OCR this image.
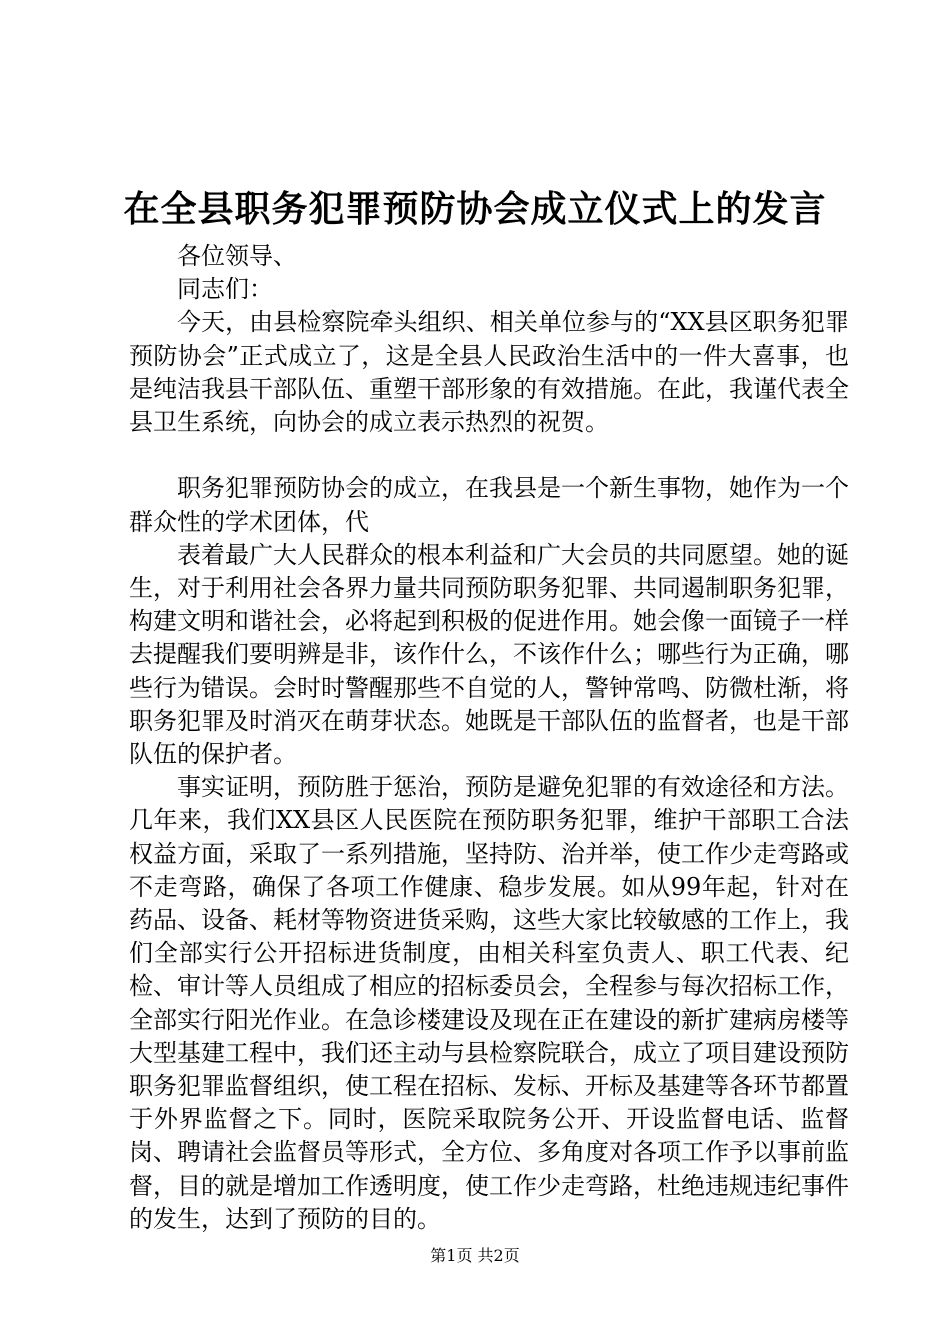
在全县职务犯罪预防协会成立仪式上的发言

各位领导、

同志们：

今天，由县检察院牵头组织、相关单位参与的“XX县区职务犯罪预防协会”正式成立了，这是全县人民政治生活中的一件大喜事，也是纯洁我县干部队伍、重塑干部形象的有效措施。在此，我谨代表全县卫生系统，向协会的成立表示热烈的祝贺。

职务犯罪预防协会的成立，在我县是一个新生事物，她作为一个群众性的学术团体，代

表着最广大人民群众的根本利益和广大会员的共同愿望。她的诞生，对于利用社会各界力量共同预防职务犯罪、共同遏制职务犯罪，构建文明和谐社会，必将起到积极的促进作用。她会像一面镜子一样去提醒我们要明辨是非，该作什么，不该作什么；哪些行为正确，哪些行为错误。会时时警醒那些不自觉的人，警钟常鸣、防微杜渐，将职务犯罪及时消灭在萌芽状态。她既是干部队伍的监督者，也是干部队伍的保护者。

事实证明，预防胜于惩治，预防是避免犯罪的有效途径和方法。几年来，我们XX县区人民医院在预防职务犯罪，维护干部职工合法权益方面，采取了一系列措施，坚持防、治并举，使工作少走弯路或不走弯路，确保了各项工作健康、稳步发展。如从99年起，针对在药品、设备、耗材等物资进货采购，这些大家比较敏感的工作上，我们全部实行公开招标进货制度，由相关科室负责人、职工代表、纪检、审计等人员组成了相应的招标委员会，全程参与每次招标工作，全部实行阳光作业。在急诊楼建设及现在正在建设的新扩建病房楼等大型基建工程中，我们还主动与县检察院联合，成立了项目建设预防职务犯罪监督组织，使工程在招标、发标、开标及基建等各环节都置于外界监督之下。同时，医院采取院务公开、开设监督电话、监督岗、聘请社会监督员等形式，全方位、多角度对各项工作予以事前监督，目的就是增加工作透明度，使工作少走弯路，杜绝违规违纪事件的发生，达到了预防的目的。

第1页 共2页
